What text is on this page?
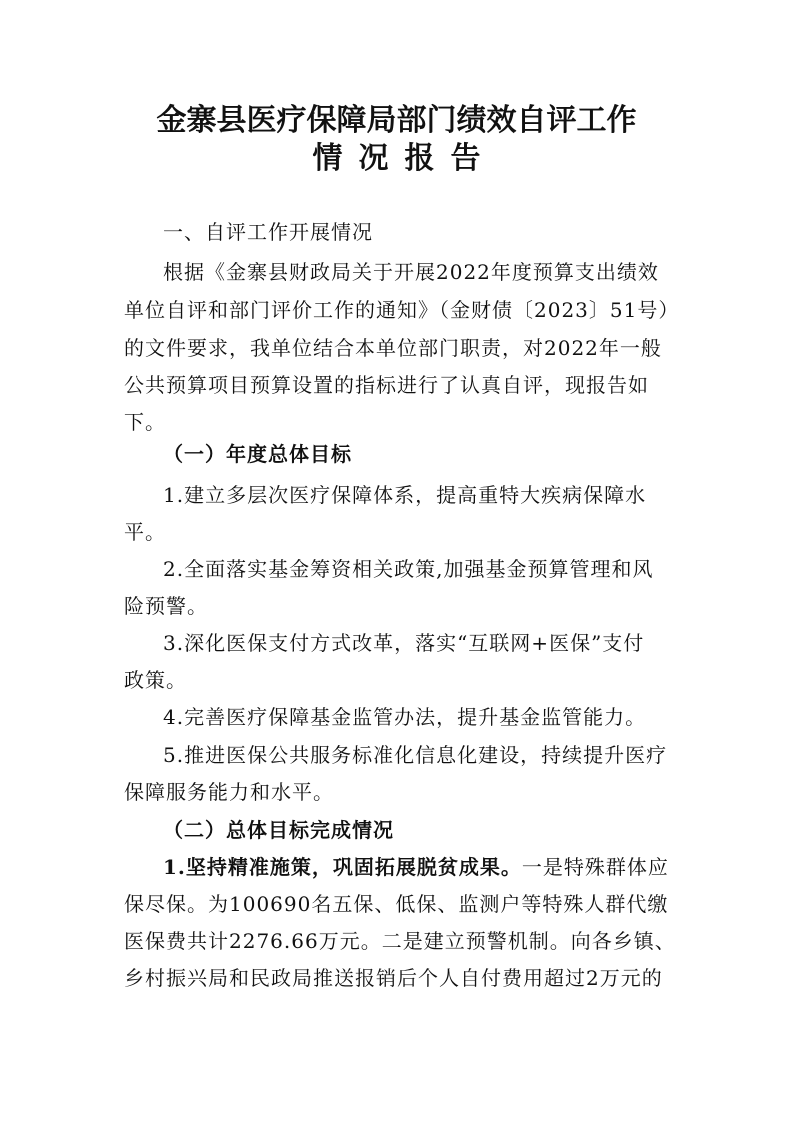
金寨县医疗保障局部门绩效自评工作
情况报告
一、自评工作开展情况
根据《金寨县财政局关于开展2022年度预算支出绩效
单位自评和部门评价工作的通知》（金财债〔2023〕51号）
的文件要求，我单位结合本单位部门职责，对2022年一般
公共预算项目预算设置的指标进行了认真自评，现报告如
下。
（一）年度总体目标
1.建立多层次医疗保障体系，提高重特大疾病保障水
平。
2.全面落实基金筹资相关政策,加强基金预算管理和风
险预警。
3.深化医保支付方式改革，落实“互联网+医保”支付
政策。
4.完善医疗保障基金监管办法，提升基金监管能力。
5.推进医保公共服务标准化信息化建设，持续提升医疗
保障服务能力和水平。
（二）总体目标完成情况
1.坚持精准施策，巩固拓展脱贫成果。一是特殊群体应
保尽保。为100690名五保、低保、监测户等特殊人群代缴
医保费共计2276.66万元。二是建立预警机制。向各乡镇、
乡村振兴局和民政局推送报销后个人自付费用超过2万元的
